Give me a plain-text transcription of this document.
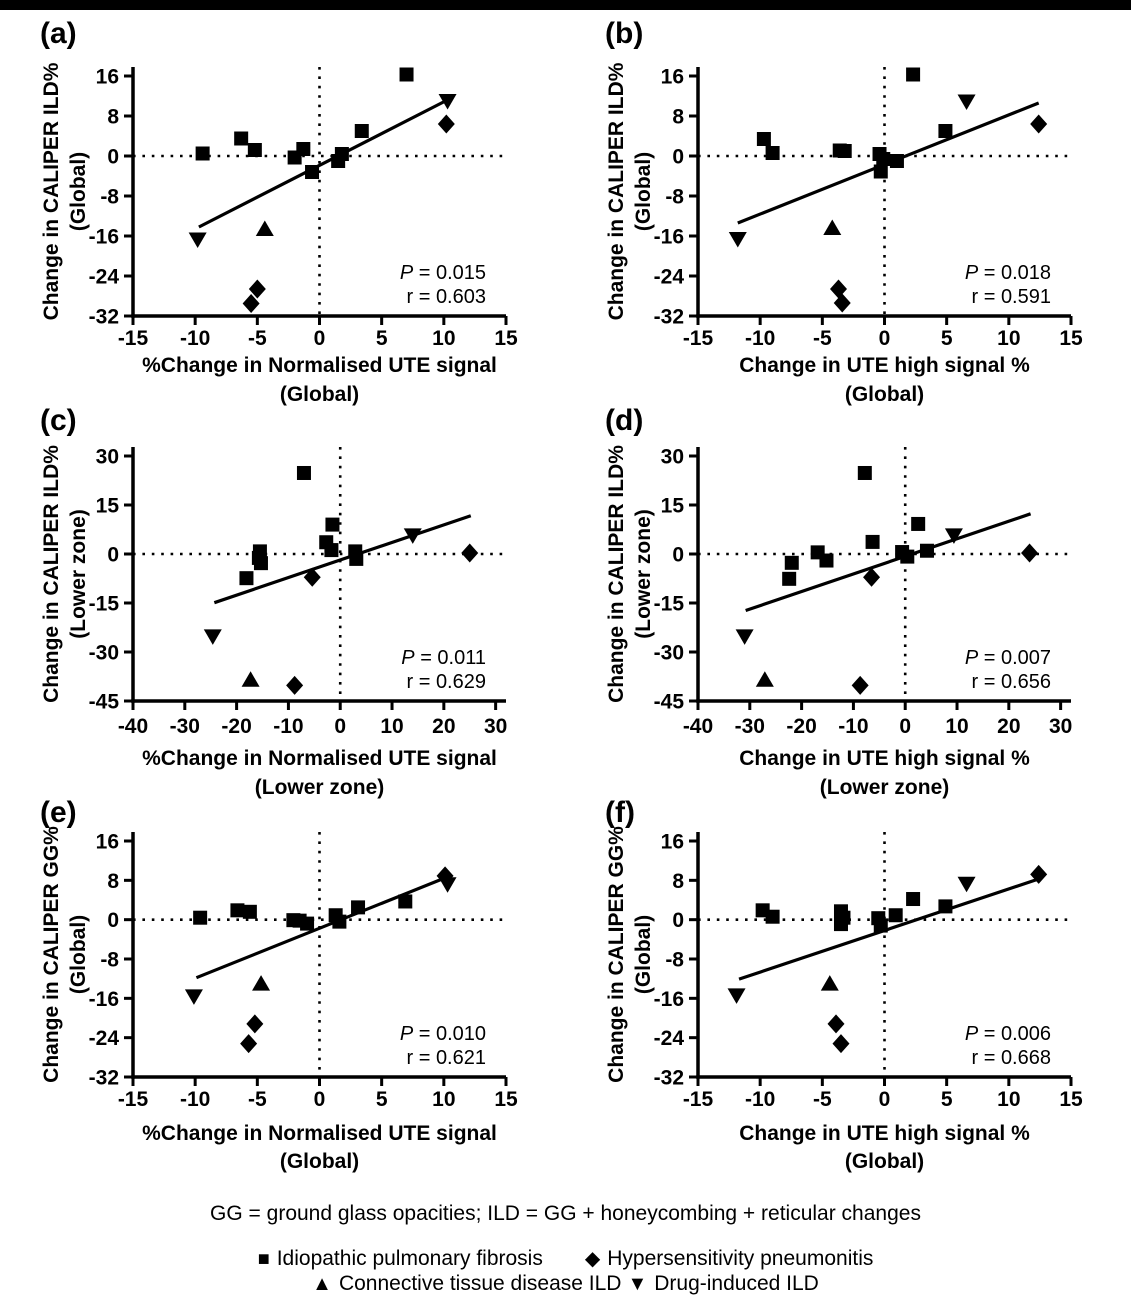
16
8
0
-8
-16
-24
-32
-15 -10 -5 0 5 10 15
(a)
%Change in Normalised UTE signal
(Global)
Change in CALIPER ILD% (Global)
P = 0.015
r = 0.603
16
8
0
-8
-16
-24
-32
-15 -10 -5 0 5 10 15
(b)
Change in UTE high signal %
(Global)
Change in CALIPER ILD% (Global)
P = 0.018
r = 0.591
30
15
0
-15
-30
-45
-40 -30 -20 -10 0 10 20 30
(c)
%Change in Normalised UTE signal
(Lower zone)
Change in CALIPER ILD% (Lower zone)
P = 0.011
r = 0.629
30
15
0
-15
-30
-45
-40 -30 -20 -10 0 10 20 30
(d)
Change in UTE high signal %
(Lower zone)
Change in CALIPER ILD% (Lower zone)
P = 0.007
r = 0.656
16
8
0
-8
-16
-24
-32
-15 -10 -5 0 5 10 15
(e)
%Change in Normalised UTE signal
(Global)
Change in CALIPER GG% (Global)
P = 0.010
r = 0.621
16
8
0
-8
-16
-24
-32
-15 -10 -5 0 5 10 15
(f)
Change in UTE high signal %
(Global)
Change in CALIPER GG% (Global)
P = 0.006
r = 0.668
GG = ground glass opacities; ILD = GG + honeycombing + reticular changes
■ Idiopathic pulmonary fibrosis ◆ Hypersensitivity pneumonitis
▲ Connective tissue disease ILD ▼ Drug-induced ILD
